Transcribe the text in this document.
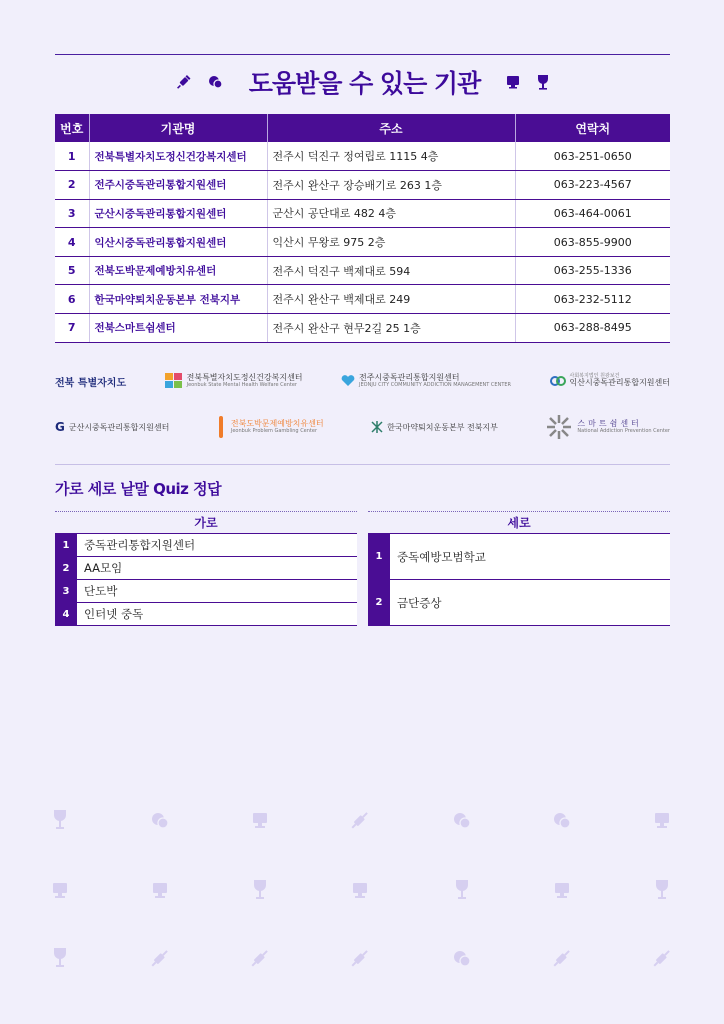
도움받을 수 있는 기관
번호	기관명	주소	연락처
1	전북특별자치도정신건강복지센터	전주시 덕진구 정여립로 1115 4층	063-251-0650
2	전주시중독관리통합지원센터	전주시 완산구 장승배기로 263 1층	063-223-4567
3	군산시중독관리통합지원센터	군산시 공단대로 482 4층	063-464-0061
4	익산시중독관리통합지원센터	익산시 무왕로 975 2층	063-855-9900
5	전북도박문제예방치유센터	전주시 덕진구 백제대로 594	063-255-1336
6	한국마약퇴치운동본부 전북지부	전주시 완산구 백제대로 249	063-232-5112
7	전북스마트쉼센터	전주시 완산구 현무2길 25 1층	063-288-8495
전북 특별자치도
전북특별자치도정신건강복지센터
Jeonbuk State Mental Health Welfare Center
전주시중독관리통합지원센터
JEONJU CITY COMMUNITY ADDICTION MANAGEMENT CENTER
사회복지법인 원광보건
익산시중독관리통합지원센터
G 군산시중독관리통합지원센터	전북도박문제예방치유센터
Jeonbuk Problem Gambling Center	한국마약퇴치운동본부 전북지부	스마트쉼센터
National Addiction Prevention Center
가로 세로 낱말 Quiz 정답
가로
1	중독관리통합지원센터
2	AA모임
3	단도박
4	인터넷 중독
세로
1	중독예방모범학교
2	금단증상
